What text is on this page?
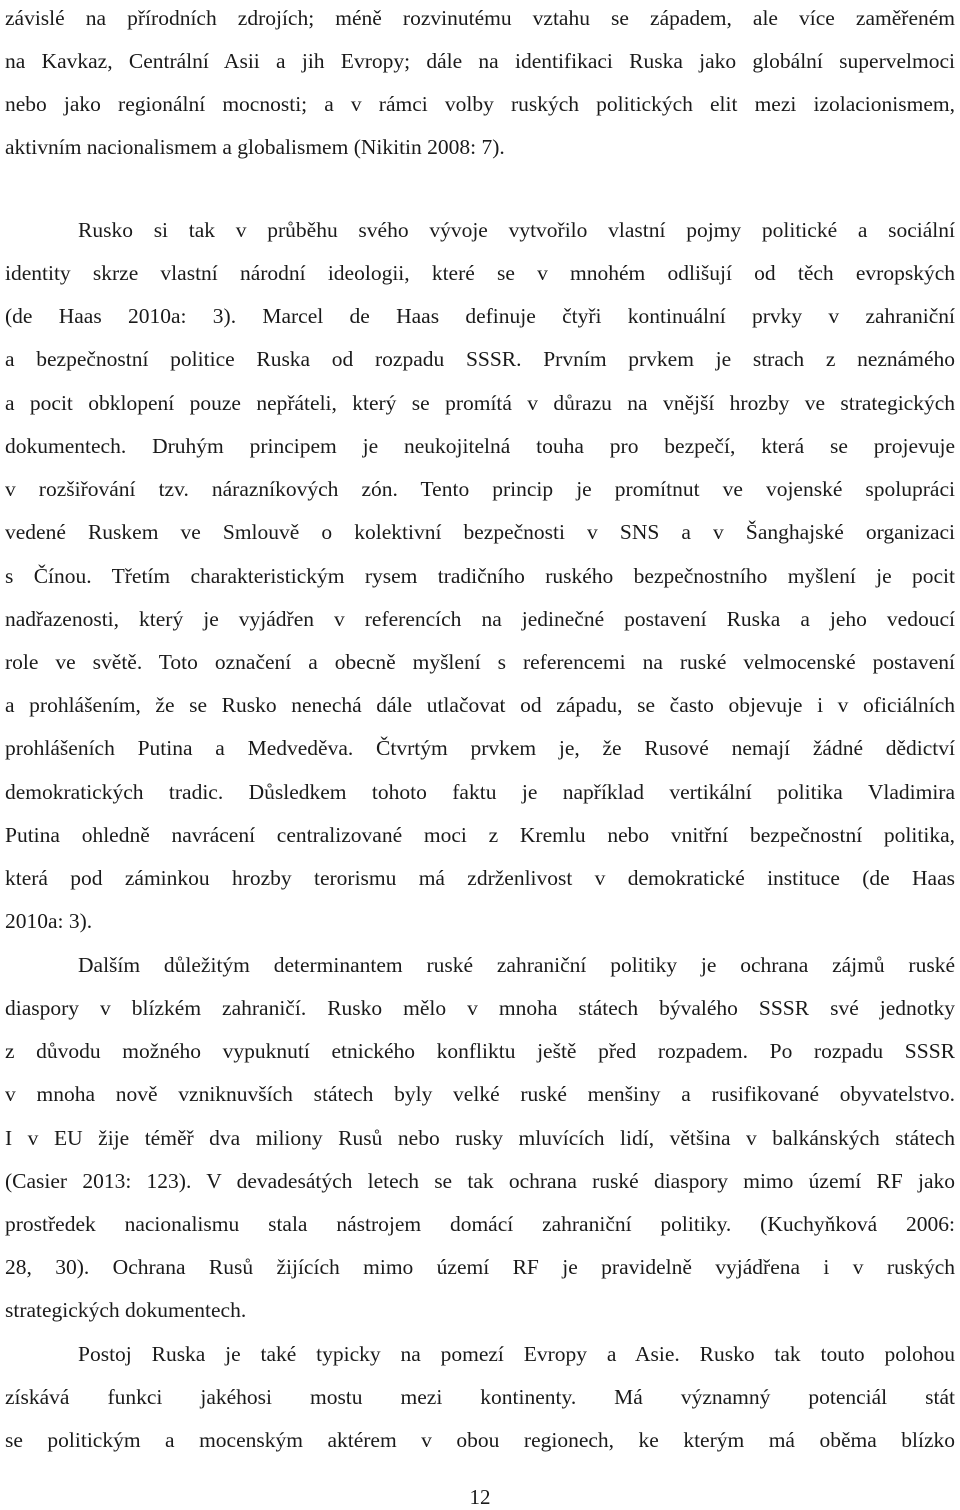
závislé na přírodních zdrojích; méně rozvinutému vztahu se západem, ale více zaměřeném
na Kavkaz, Centrální Asii a jih Evropy; dále na identifikaci Ruska jako globální supervelmoci
nebo jako regionální mocnosti; a v rámci volby ruských politických elit mezi izolacionismem,
aktivním nacionalismem a globalismem (Nikitin 2008: 7).
Rusko si tak v průběhu svého vývoje vytvořilo vlastní pojmy politické a sociální
identity skrze vlastní národní ideologii, které se v mnohém odlišují od těch evropských
(de Haas 2010a: 3). Marcel de Haas definuje čtyři kontinuální prvky v zahraniční
a bezpečnostní politice Ruska od rozpadu SSSR. Prvním prvkem je strach z neznámého
a pocit obklopení pouze nepřáteli, který se promítá v důrazu na vnější hrozby ve strategických
dokumentech. Druhým principem je neukojitelná touha pro bezpečí, která se projevuje
v rozšiřování tzv. nárazníkových zón. Tento princip je promítnut ve vojenské spolupráci
vedené Ruskem ve Smlouvě o kolektivní bezpečnosti v SNS a v Šanghajské organizaci
s Čínou. Třetím charakteristickým rysem tradičního ruského bezpečnostního myšlení je pocit
nadřazenosti, který je vyjádřen v referencích na jedinečné postavení Ruska a jeho vedoucí
role ve světě. Toto označení a obecně myšlení s referencemi na ruské velmocenské postavení
a prohlášením, že se Rusko nenechá dále utlačovat od západu, se často objevuje i v oficiálních
prohlášeních Putina a Medveděva. Čtvrtým prvkem je, že Rusové nemají žádné dědictví
demokratických tradic. Důsledkem tohoto faktu je například vertikální politika Vladimira
Putina ohledně navrácení centralizované moci z Kremlu nebo vnitřní bezpečnostní politika,
která pod záminkou hrozby terorismu má zdrženlivost v demokratické instituce (de Haas
2010a: 3).
Dalším důležitým determinantem ruské zahraniční politiky je ochrana zájmů ruské
diaspory v blízkém zahraničí. Rusko mělo v mnoha státech bývalého SSSR své jednotky
z důvodu možného vypuknutí etnického konfliktu ještě před rozpadem. Po rozpadu SSSR
v mnoha nově vzniknuvších státech byly velké ruské menšiny a rusifikované obyvatelstvo.
I v EU žije téměř dva miliony Rusů nebo rusky mluvících lidí, většina v balkánských státech
(Casier 2013: 123). V devadesátých letech se tak ochrana ruské diaspory mimo území RF jako
prostředek nacionalismu stala nástrojem domácí zahraniční politiky. (Kuchyňková 2006:
28, 30). Ochrana Rusů žijících mimo území RF je pravidelně vyjádřena i v ruských
strategických dokumentech.
Postoj Ruska je také typicky na pomezí Evropy a Asie. Rusko tak touto polohou
získává funkci jakéhosi mostu mezi kontinenty. Má významný potenciál stát
se politickým a mocenským aktérem v obou regionech, ke kterým má oběma blízko
12
